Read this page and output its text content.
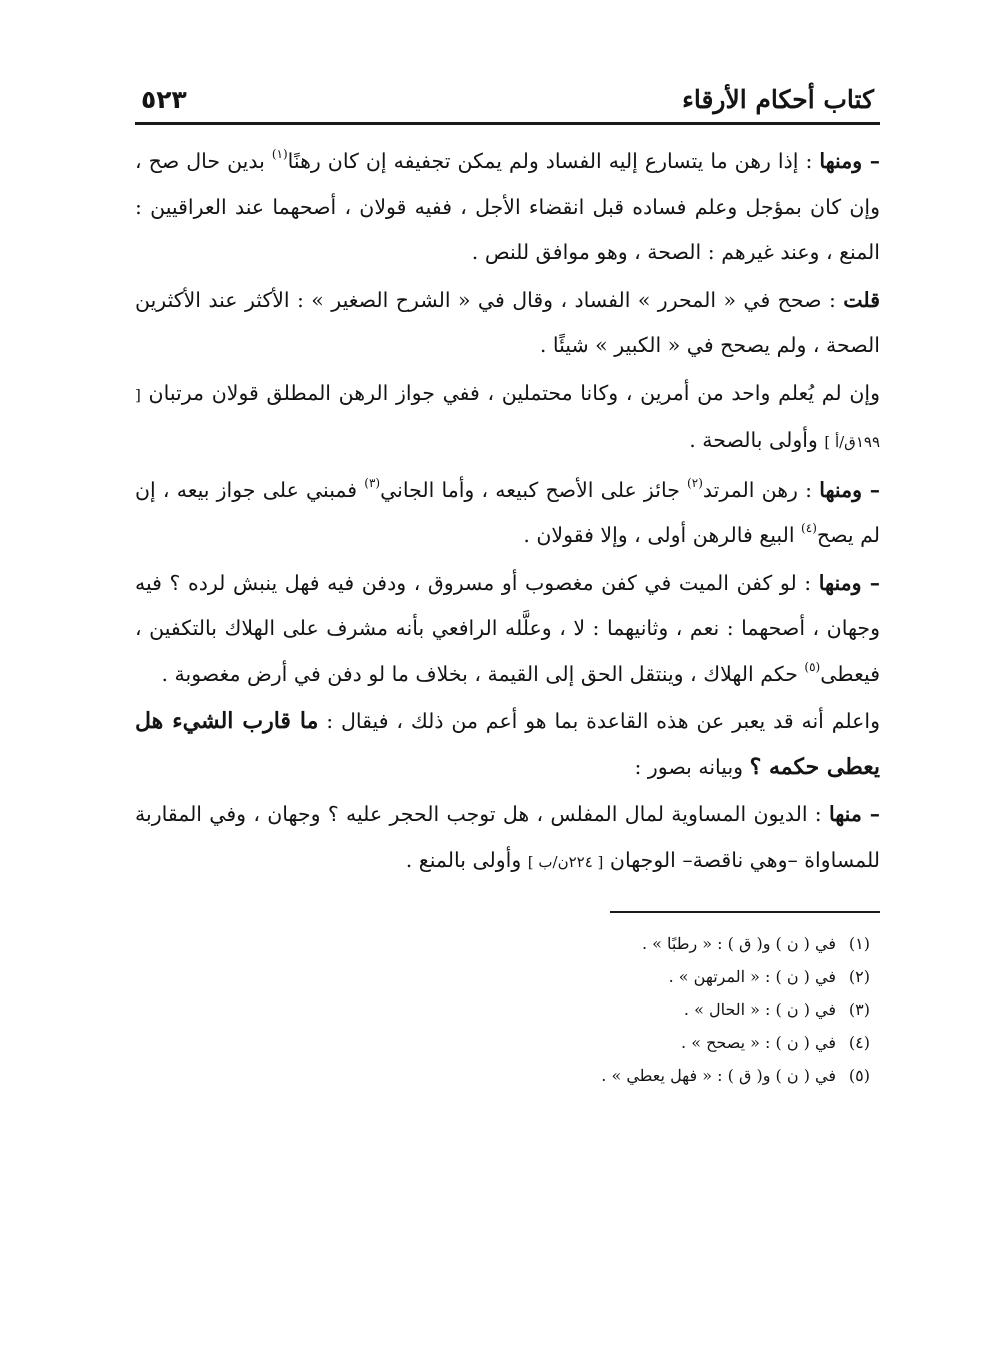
كتاب أحكام الأرقاء
٥٢٣

– ومنها : إذا رهن ما يتسارع إليه الفساد ولم يمكن تجفيفه إن كان رهنًا$^{(١)}$ بدين حال صح ، وإن كان بمؤجل وعلم فساده قبل انقضاء الأجل ، ففيه قولان ، أصحهما عند العراقيين : المنع ، وعند غيرهم : الصحة ، وهو موافق للنص .

قلت : صحح في « المحرر » الفساد ، وقال في « الشرح الصغير » : الأكثر عند الأكثرين الصحة ، ولم يصحح في « الكبير » شيئًا .

وإن لم يُعلم واحد من أمرين ، وكانا محتملين ، ففي جواز الرهن المطلق قولان مرتبان [ ١٩٩ق/أ ] وأولى بالصحة .

– ومنها : رهن المرتد$^{(٢)}$ جائز على الأصح كبيعه ، وأما الجاني$^{(٣)}$ فمبني على جواز بيعه ، إن لم يصح$^{(٤)}$ البيع فالرهن أولى ، وإلا فقولان .

– ومنها : لو كفن الميت في كفن مغصوب أو مسروق ، ودفن فيه فهل ينبش لرده ؟ فيه وجهان ، أصحهما : نعم ، وثانيهما : لا ، وعلَّله الرافعي بأنه مشرف على الهلاك بالتكفين ، فيعطى$^{(٥)}$ حكم الهلاك ، وينتقل الحق إلى القيمة ، بخلاف ما لو دفن في أرض مغصوبة .

واعلم أنه قد يعبر عن هذه القاعدة بما هو أعم من ذلك ، فيقال : ما قارب الشيء هل يعطى حكمه ؟ وبيانه بصور :

– منها : الديون المساوية لمال المفلس ، هل توجب الحجر عليه ؟ وجهان ، وفي المقاربة للمساواة –وهي ناقصة– الوجهان [ ٢٢٤ن/ب ] وأولى بالمنع .

(١)في ( ن ) و( ق ) : « رطبًا » .
(٢)في ( ن ) : « المرتهن » .
(٣)في ( ن ) : « الحال » .
(٤)في ( ن ) : « يصحح » .
(٥)في ( ن ) و( ق ) : « فهل يعطي » .
